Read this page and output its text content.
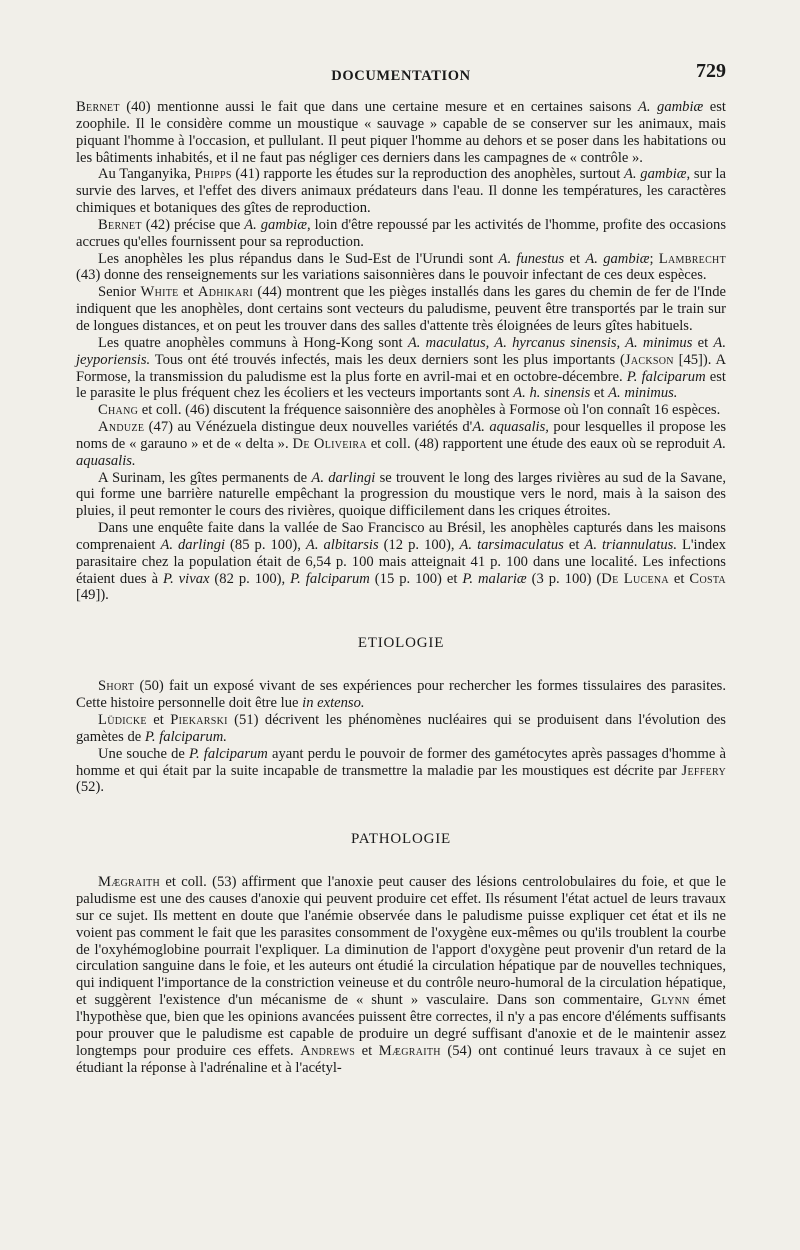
DOCUMENTATION	729

Bernet (40) mentionne aussi le fait que dans une certaine mesure et en certaines saisons A. gambiæ est zoophile. Il le considère comme un moustique « sauvage » capable de se conserver sur les animaux, mais piquant l'homme à l'occasion, et pullulant. Il peut piquer l'homme au dehors et se poser dans les habitations ou les bâtiments inhabités, et il ne faut pas négliger ces derniers dans les campagnes de « contrôle ».

Au Tanganyika, Phipps (41) rapporte les études sur la reproduction des anophèles, surtout A. gambiæ, sur la survie des larves, et l'effet des divers animaux prédateurs dans l'eau. Il donne les températures, les caractères chimiques et botaniques des gîtes de reproduction.

Bernet (42) précise que A. gambiæ, loin d'être repoussé par les activités de l'homme, profite des occasions accrues qu'elles fournissent pour sa reproduction.

Les anophèles les plus répandus dans le Sud-Est de l'Urundi sont A. funestus et A. gambiæ; Lambrecht (43) donne des renseignements sur les variations saisonnières dans le pouvoir infectant de ces deux espèces.

Senior White et Adhikari (44) montrent que les pièges installés dans les gares du chemin de fer de l'Inde indiquent que les anophèles, dont certains sont vecteurs du paludisme, peuvent être transportés par le train sur de longues distances, et on peut les trouver dans des salles d'attente très éloignées de leurs gîtes habituels.

Les quatre anophèles communs à Hong-Kong sont A. maculatus, A. hyrcanus sinensis, A. minimus et A. jeyporiensis. Tous ont été trouvés infectés, mais les deux derniers sont les plus importants (Jackson [45]). A Formose, la transmission du paludisme est la plus forte en avril-mai et en octobre-décembre. P. falciparum est le parasite le plus fréquent chez les écoliers et les vecteurs importants sont A. h. sinensis et A. minimus.

Chang et coll. (46) discutent la fréquence saisonnière des anophèles à Formose où l'on connaît 16 espèces.

Anduze (47) au Vénézuela distingue deux nouvelles variétés d'A. aquasalis, pour lesquelles il propose les noms de « garauno » et de « delta ». De Oliveira et coll. (48) rapportent une étude des eaux où se reproduit A. aquasalis.

A Surinam, les gîtes permanents de A. darlingi se trouvent le long des larges rivières au sud de la Savane, qui forme une barrière naturelle empêchant la progression du moustique vers le nord, mais à la saison des pluies, il peut remonter le cours des rivières, quoique difficilement dans les criques étroites.

Dans une enquête faite dans la vallée de Sao Francisco au Brésil, les anophèles capturés dans les maisons comprenaient A. darlingi (85 p. 100), A. albitarsis (12 p. 100), A. tarsimaculatus et A. triannulatus. L'index parasitaire chez la population était de 6,54 p. 100 mais atteignait 41 p. 100 dans une localité. Les infections étaient dues à P. vivax (82 p. 100), P. falciparum (15 p. 100) et P. malariæ (3 p. 100) (De Lucena et Costa [49]).

ETIOLOGIE

Short (50) fait un exposé vivant de ses expériences pour rechercher les formes tissulaires des parasites. Cette histoire personnelle doit être lue in extenso.

Lüdicke et Piekarski (51) décrivent les phénomènes nucléaires qui se produisent dans l'évolution des gamètes de P. falciparum.

Une souche de P. falciparum ayant perdu le pouvoir de former des gamétocytes après passages d'homme à homme et qui était par la suite incapable de transmettre la maladie par les moustiques est décrite par Jeffery (52).

PATHOLOGIE

Mægraith et coll. (53) affirment que l'anoxie peut causer des lésions centrolobulaires du foie, et que le paludisme est une des causes d'anoxie qui peuvent produire cet effet. Ils résument l'état actuel de leurs travaux sur ce sujet. Ils mettent en doute que l'anémie observée dans le paludisme puisse expliquer cet état et ils ne voient pas comment le fait que les parasites consomment de l'oxygène eux-mêmes ou qu'ils troublent la courbe de l'oxyhémoglobine pourrait l'expliquer. La diminution de l'apport d'oxygène peut provenir d'un retard de la circulation sanguine dans le foie, et les auteurs ont étudié la circulation hépatique par de nouvelles techniques, qui indiquent l'importance de la constriction veineuse et du contrôle neuro-humoral de la circulation hépatique, et suggèrent l'existence d'un mécanisme de « shunt » vasculaire. Dans son commentaire, Glynn émet l'hypothèse que, bien que les opinions avancées puissent être correctes, il n'y a pas encore d'éléments suffisants pour prouver que le paludisme est capable de produire un degré suffisant d'anoxie et de le maintenir assez longtemps pour produire ces effets. Andrews et Mægraith (54) ont continué leurs travaux à ce sujet en étudiant la réponse à l'adrénaline et à l'acétyl-
